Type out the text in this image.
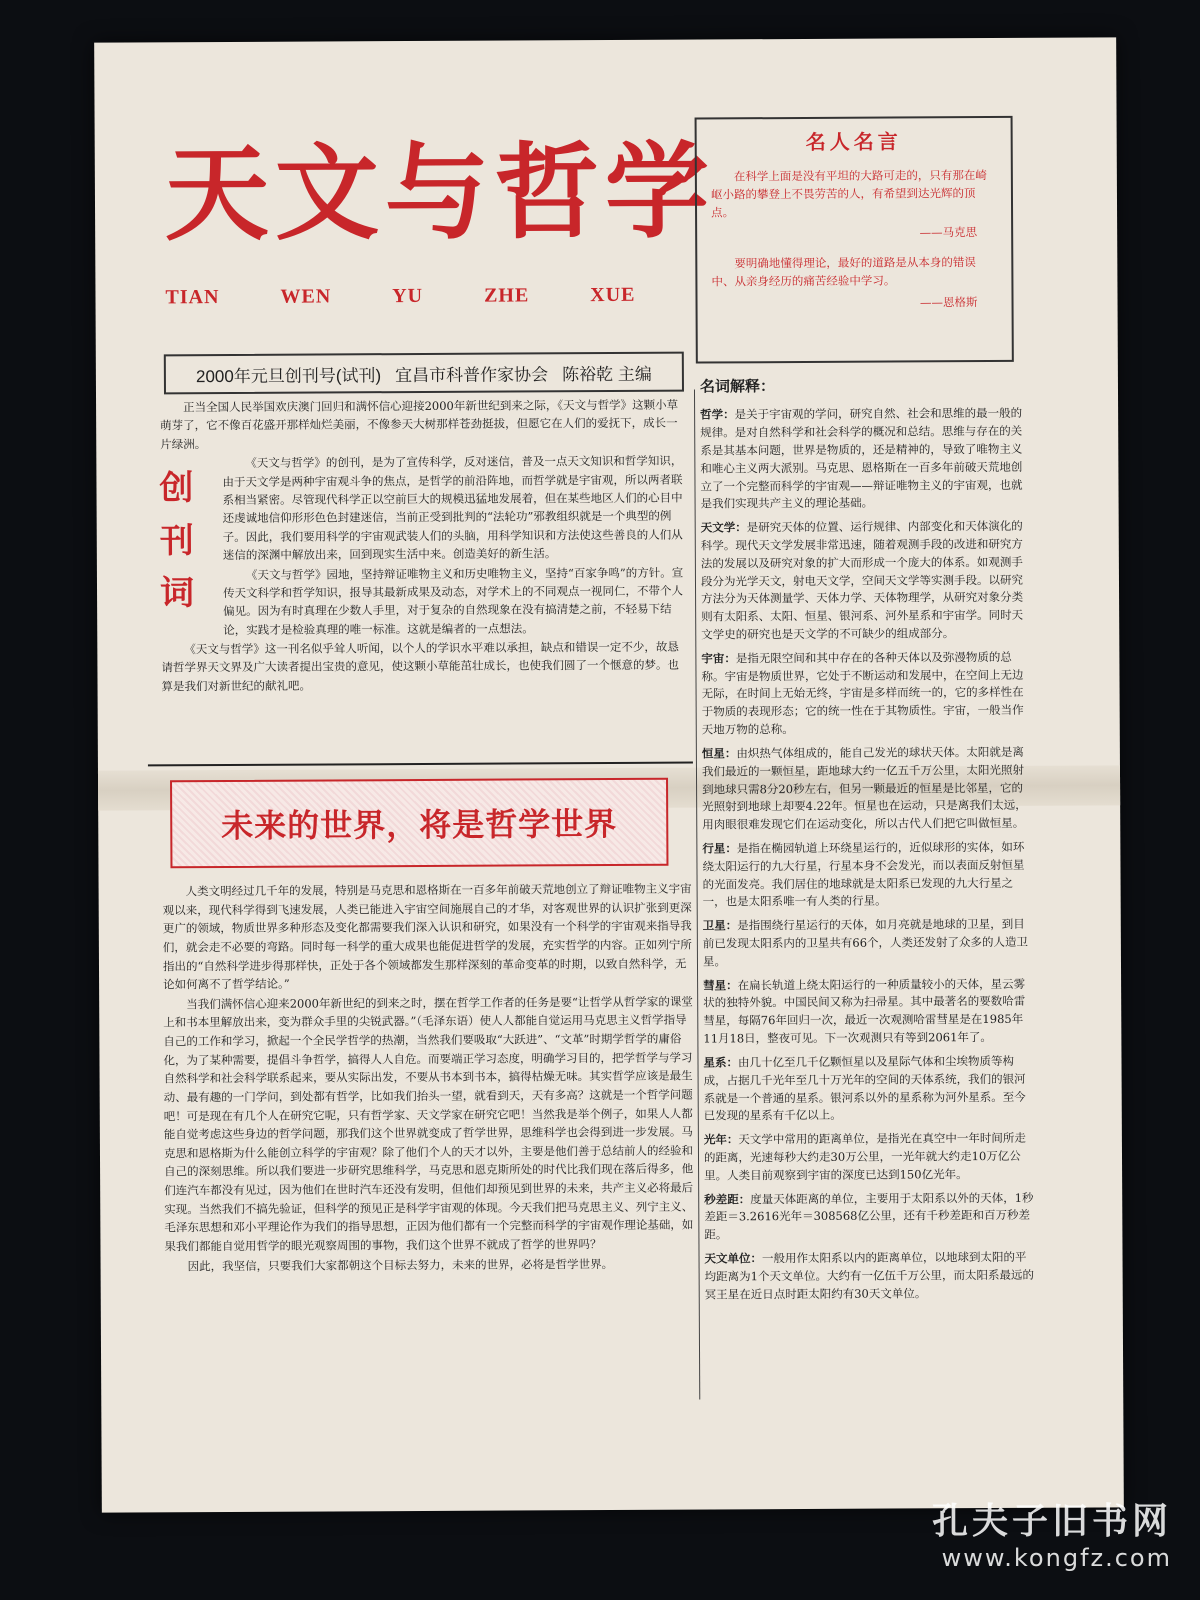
天文与哲学
TIAN	WEN	YU	ZHE	XUE
2000年元旦创刊号(试刊) 宜昌市科普作家协会 陈裕乾 主编
名人名言

在科学上面是没有平坦的大路可走的，只有那在崎岖小路的攀登上不畏劳苦的人，有希望到达光辉的顶点。

——马克思

要明确地懂得理论，最好的道路是从本身的错误中、从亲身经历的痛苦经验中学习。

——恩格斯
创刊词

正当全国人民举国欢庆澳门回归和满怀信心迎接2000年新世纪到来之际，《天文与哲学》这颗小草萌芽了，它不像百花盛开那样灿烂美丽，不像参天大树那样苍劲挺拔，但愿它在人们的爱抚下，成长一片绿洲。

《天文与哲学》的创刊，是为了宣传科学，反对迷信，普及一点天文知识和哲学知识，由于天文学是两种宇宙观斗争的焦点，是哲学的前沿阵地，而哲学就是宇宙观，所以两者联系相当紧密。尽管现代科学正以空前巨大的规模迅猛地发展着，但在某些地区人们的心目中还虔诚地信仰形形色色封建迷信，当前正受到批判的“法轮功”邪教组织就是一个典型的例子。因此，我们要用科学的宇宙观武装人们的头脑，用科学知识和方法使这些善良的人们从迷信的深渊中解放出来，回到现实生活中来。创造美好的新生活。

《天文与哲学》园地，坚持辩证唯物主义和历史唯物主义，坚持“百家争鸣”的方针。宣传天文科学和哲学知识，报导其最新成果及动态，对学术上的不同观点一视同仁，不带个人偏见。因为有时真理在少数人手里，对于复杂的自然现象在没有搞清楚之前，不轻易下结论，实践才是检验真理的唯一标准。这就是编者的一点想法。

《天文与哲学》这一刊名似乎耸人听闻，以个人的学识水平难以承担，缺点和错误一定不少，故恳请哲学界天文界及广大读者提出宝贵的意见，使这颗小草能茁壮成长，也使我们圆了一个惬意的梦。也算是我们对新世纪的献礼吧。

未来的世界，将是哲学世界

人类文明经过几千年的发展，特别是马克思和恩格斯在一百多年前破天荒地创立了辩证唯物主义宇宙观以来，现代科学得到飞速发展，人类已能进入宇宙空间施展自己的才华，对客观世界的认识扩张到更深更广的领域，物质世界多种形态及变化都需要我们深入认识和研究，如果没有一个科学的宇宙观来指导我们，就会走不必要的弯路。同时每一科学的重大成果也能促进哲学的发展，充实哲学的内容。正如列宁所指出的“自然科学进步得那样快，正处于各个领域都发生那样深刻的革命变革的时期，以致自然科学，无论如何离不了哲学结论。”

当我们满怀信心迎来2000年新世纪的到来之时，摆在哲学工作者的任务是要“让哲学从哲学家的课堂上和书本里解放出来，变为群众手里的尖锐武器。”（毛泽东语）使人人都能自觉运用马克思主义哲学指导自己的工作和学习，掀起一个全民学哲学的热潮，当然我们要吸取“大跃进”、“文革”时期学哲学的庸俗化，为了某种需要，提倡斗争哲学，搞得人人自危。而要端正学习态度，明确学习目的，把学哲学与学习自然科学和社会科学联系起来，要从实际出发，不要从书本到书本，搞得枯燥无味。其实哲学应该是最生动、最有趣的一门学问，到处都有哲学，比如我们抬头一望，就看到天，天有多高？这就是一个哲学问题吧！可是现在有几个人在研究它呢，只有哲学家、天文学家在研究它吧！当然我是举个例子，如果人人都能自觉考虑这些身边的哲学问题，那我们这个世界就变成了哲学世界，思维科学也会得到进一步发展。马克思和恩格斯为什么能创立科学的宇宙观？除了他们个人的天才以外，主要是他们善于总结前人的经验和自己的深刻思维。所以我们要进一步研究思维科学，马克思和恩克斯所处的时代比我们现在落后得多，他们连汽车都没有见过，因为他们在世时汽车还没有发明，但他们却预见到世界的未来，共产主义必将最后实现。当然我们不搞先验证，但科学的预见正是科学宇宙观的体现。今天我们把马克思主义、列宁主义、毛泽东思想和邓小平理论作为我们的指导思想，正因为他们都有一个完整而科学的宇宙观作理论基础，如果我们都能自觉用哲学的眼光观察周围的事物，我们这个世界不就成了哲学的世界吗？

因此，我坚信，只要我们大家都朝这个目标去努力，未来的世界，必将是哲学世界。

名词解释：
哲学：是关于宇宙观的学问，研究自然、社会和思维的最一般的规律。是对自然科学和社会科学的概况和总结。思维与存在的关系是其基本问题，世界是物质的，还是精神的，导致了唯物主义和唯心主义两大派别。马克思、恩格斯在一百多年前破天荒地创立了一个完整而科学的宇宙观——辩证唯物主义的宇宙观，也就是我们实现共产主义的理论基础。
天文学：是研究天体的位置、运行规律、内部变化和天体演化的科学。现代天文学发展非常迅速，随着观测手段的改进和研究方法的发展以及研究对象的扩大而形成一个庞大的体系。如观测手段分为光学天文，射电天文学，空间天文学等实测手段。以研究方法分为天体测量学、天体力学、天体物理学，从研究对象分类则有太阳系、太阳、恒星、银河系、河外星系和宇宙学。同时天文学史的研究也是天文学的不可缺少的组成部分。
宇宙：是指无限空间和其中存在的各种天体以及弥漫物质的总称。宇宙是物质世界，它处于不断运动和发展中，在空间上无边无际，在时间上无始无终，宇宙是多样而统一的，它的多样性在于物质的表现形态；它的统一性在于其物质性。宇宙，一般当作天地万物的总称。
恒星：由炽热气体组成的，能自己发光的球状天体。太阳就是离我们最近的一颗恒星，距地球大约一亿五千万公里，太阳光照射到地球只需8分20秒左右，但另一颗最近的恒星是比邻星，它的光照射到地球上却要4.22年。恒星也在运动，只是离我们太远，用肉眼很难发现它们在运动变化，所以古代人们把它叫做恒星。
行星：是指在椭园轨道上环绕星运行的，近似球形的实体，如环绕太阳运行的九大行星，行星本身不会发光，而以表面反射恒星的光面发亮。我们居住的地球就是太阳系已发现的九大行星之一，也是太阳系唯一有人类的行星。
卫星：是指围绕行星运行的天体，如月亮就是地球的卫星，到目前已发现太阳系内的卫星共有66个，人类还发射了众多的人造卫星。
彗星：在扁长轨道上绕太阳运行的一种质量较小的天体，星云雾状的独特外貌。中国民间又称为扫帚星。其中最著名的要数哈雷彗星，每隔76年回归一次，最近一次观测哈雷彗星是在1985年11月18日，整夜可见。下一次观测只有等到2061年了。
星系：由几十亿至几千亿颗恒星以及星际气体和尘埃物质等构成，占据几千光年至几十万光年的空间的天体系统，我们的银河系就是一个普通的星系。银河系以外的星系称为河外星系。至今已发现的星系有千亿以上。
光年：天文学中常用的距离单位，是指光在真空中一年时间所走的距离，光速每秒大约走30万公里，一光年就大约走10万亿公里。人类目前观察到宇宙的深度已达到150亿光年。
秒差距：度量天体距离的单位，主要用于太阳系以外的天体，1秒差距＝3.2616光年＝308568亿公里，还有千秒差距和百万秒差距。
天文单位：一般用作太阳系以内的距离单位，以地球到太阳的平均距离为1个天文单位。大约有一亿伍千万公里，而太阳系最远的冥王星在近日点时距太阳约有30天文单位。
孔夫子旧书网
www.kongfz.com
